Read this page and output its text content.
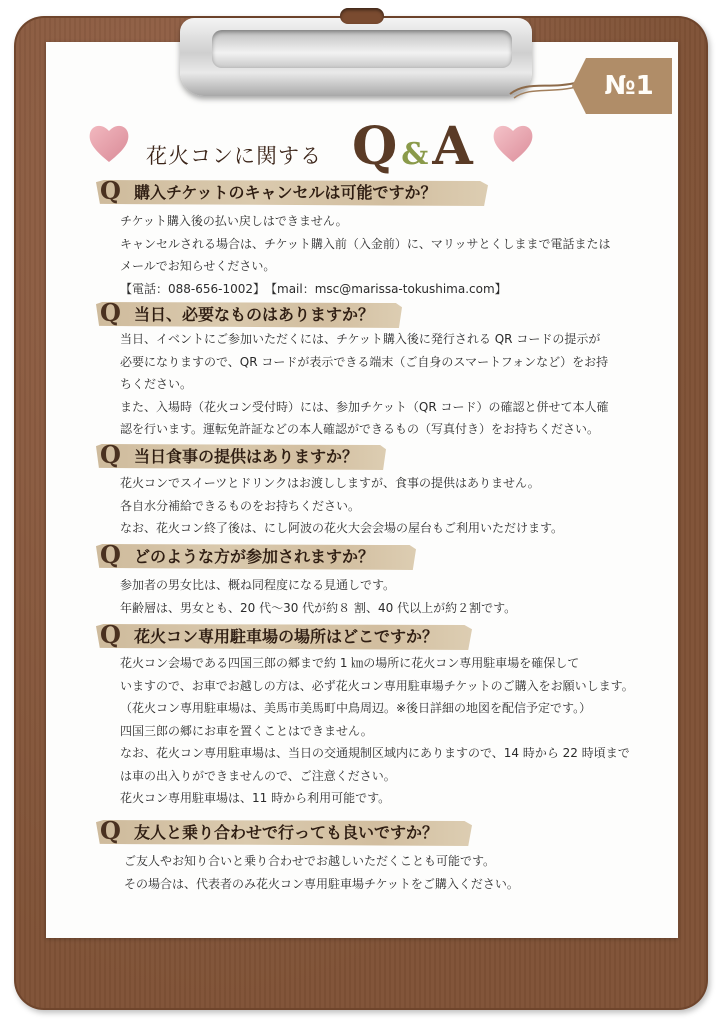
№1
花火コンに関する Q &A
Q 購入チケットのキャンセルは可能ですか？
チケット購入後の払い戻しはできません。
キャンセルされる場合は、チケット購入前（入金前）に、マリッサとくしままで電話または
メールでお知らせください。
【電話：088-656-1002】　【mail：msc@marissa-tokushima.com】
Q 当日、必要なものはありますか？
当日、イベントにご参加いただくには、チケット購入後に発行される QR コードの提示が
必要になりますので、QR コードが表示できる端末（ご自身のスマートフォンなど）をお持
ちください。
また、入場時（花火コン受付時）には、参加チケット（QR コード）の確認と併せて本人確
認を行います。運転免許証などの本人確認ができるもの（写真付き）をお持ちください。
Q 当日食事の提供はありますか？
花火コンでスイーツとドリンクはお渡ししますが、食事の提供はありません。
各自水分補給できるものをお持ちください。
なお、花火コン終了後は、にし阿波の花火大会会場の屋台もご利用いただけます。
Q どのような方が参加されますか？
参加者の男女比は、概ね同程度になる見通しです。
年齢層は、男女とも、20 代〜30 代が約８ 割、40 代以上が約２割です。
Q 花火コン専用駐車場の場所はどこですか？
花火コン会場である四国三郎の郷まで約 1 ㎞の場所に花火コン専用駐車場を確保して
いますので、お車でお越しの方は、必ず花火コン専用駐車場チケットのご購入をお願いします。
（花火コン専用駐車場は、美馬市美馬町中鳥周辺。※後日詳細の地図を配信予定です。）
四国三郎の郷にお車を置くことはできません。
なお、花火コン専用駐車場は、当日の交通規制区域内にありますので、14 時から 22 時頃まで
は車の出入りができませんので、ご注意ください。
花火コン専用駐車場は、11 時から利用可能です。
Q 友人と乗り合わせで行っても良いですか？
ご友人やお知り合いと乗り合わせでお越しいただくことも可能です。
その場合は、代表者のみ花火コン専用駐車場チケットをご購入ください。
